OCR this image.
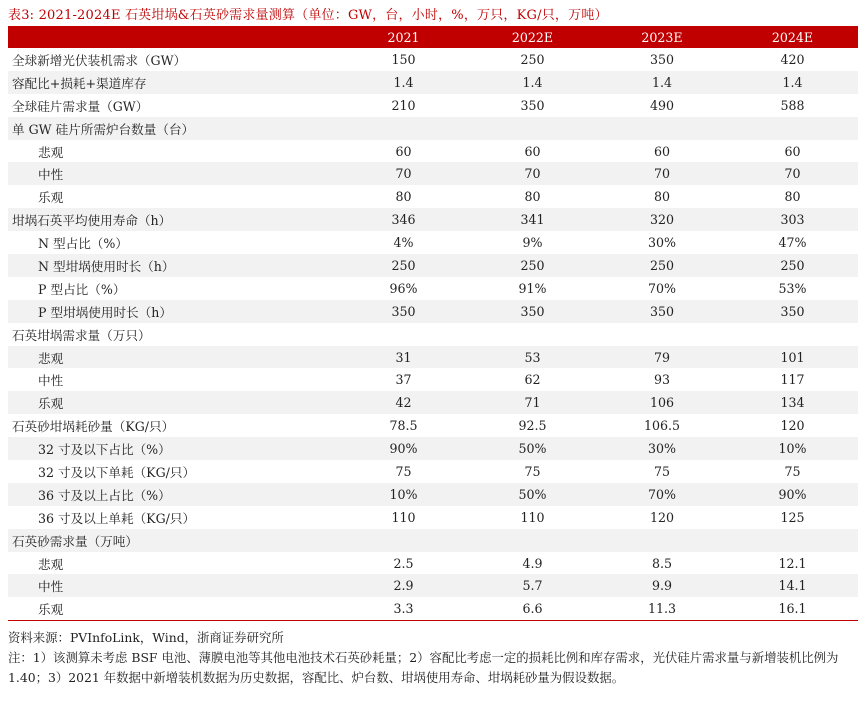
表3: 2021-2024E 石英坩埚&石英砂需求量测算（单位：GW，台，小时，%，万只，KG/只，万吨）
	2021	2022E	2023E	2024E
全球新增光伏装机需求（GW）	150	250	350	420
容配比+损耗+渠道库存	1.4	1.4	1.4	1.4
全球硅片需求量（GW）	210	350	490	588
单 GW 硅片所需炉台数量（台）				
悲观	60	60	60	60
中性	70	70	70	70
乐观	80	80	80	80
坩埚石英平均使用寿命（h）	346	341	320	303
N 型占比（%）	4%	9%	30%	47%
N 型坩埚使用时长（h）	250	250	250	250
P 型占比（%）	96%	91%	70%	53%
P 型坩埚使用时长（h）	350	350	350	350
石英坩埚需求量（万只）				
悲观	31	53	79	101
中性	37	62	93	117
乐观	42	71	106	134
石英砂坩埚耗砂量（KG/只）	78.5	92.5	106.5	120
32 寸及以下占比（%）	90%	50%	30%	10%
32 寸及以下单耗（KG/只）	75	75	75	75
36 寸及以上占比（%）	10%	50%	70%	90%
36 寸及以上单耗（KG/只）	110	110	120	125
石英砂需求量（万吨）				
悲观	2.5	4.9	8.5	12.1
中性	2.9	5.7	9.9	14.1
乐观	3.3	6.6	11.3	16.1
资料来源：PVInfoLink，Wind，浙商证券研究所
注：1）该测算未考虑 BSF 电池、薄膜电池等其他电池技术石英砂耗量；2）容配比考虑一定的损耗比例和库存需求，光伏硅片需求量与新增装机比例为 1.40；3）2021 年数据中新增装机数据为历史数据，容配比、炉台数、坩埚使用寿命、坩埚耗砂量为假设数据。
